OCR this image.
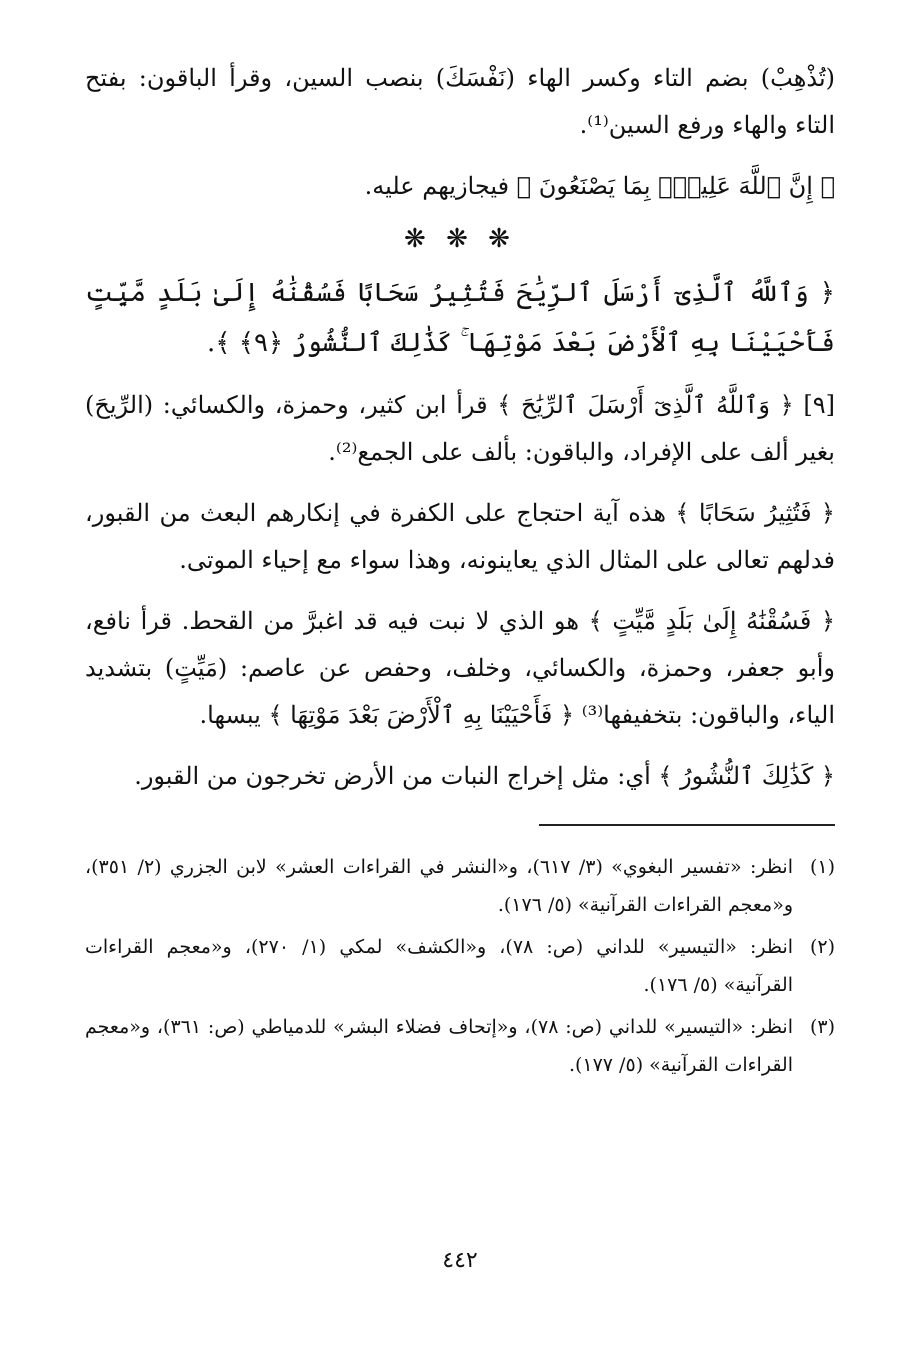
(تُذْهِبْ) بضم التاء وكسر الهاء (نَفْسَكَ) بنصب السين، وقرأ الباقون: بفتح التاء والهاء ورفع السين⁽¹⁾.

﴿ إِنَّ ٱللَّهَ عَلِيمٌۢ بِمَا يَصْنَعُونَ ﴾ فيجازيهم عليه.

❋ ❋ ❋

﴿ وَٱللَّهُ ٱلَّذِىٓ أَرْسَلَ ٱلرِّيَٰحَ فَتُثِيرُ سَحَابًا فَسُقْنَٰهُ إِلَىٰ بَلَدٍ مَّيِّتٍ فَأَحْيَيْنَا بِهِ ٱلْأَرْضَ بَعْدَ مَوْتِهَا ۚ كَذَٰلِكَ ٱلنُّشُورُ ﴿٩﴾ ﴾.

[٩] ﴿ وَٱللَّهُ ٱلَّذِىٓ أَرْسَلَ ٱلرِّيَٰحَ ﴾ قرأ ابن كثير، وحمزة، والكسائي: (الرِّيحَ) بغير ألف على الإفراد، والباقون: بألف على الجمع⁽²⁾.

﴿ فَتُثِيرُ سَحَابًا ﴾ هذه آية احتجاج على الكفرة في إنكارهم البعث من القبور، فدلهم تعالى على المثال الذي يعاينونه، وهذا سواء مع إحياء الموتى.

﴿ فَسُقْنَٰهُ إِلَىٰ بَلَدٍ مَّيِّتٍ ﴾ هو الذي لا نبت فيه قد اغبرَّ من القحط. قرأ نافع، وأبو جعفر، وحمزة، والكسائي، وخلف، وحفص عن عاصم: (مَيِّتٍ) بتشديد الياء، والباقون: بتخفيفها⁽³⁾ ﴿ فَأَحْيَيْنَا بِهِ ٱلْأَرْضَ بَعْدَ مَوْتِهَا ﴾ يبسها.

﴿ كَذَٰلِكَ ٱلنُّشُورُ ﴾ أي: مثل إخراج النبات من الأرض تخرجون من القبور.

(١)
انظر: «تفسير البغوي» (٣/ ٦١٧)، و«النشر في القراءات العشر» لابن الجزري (٢/ ٣٥١)، و«معجم القراءات القرآنية» (٥/ ١٧٦).
(٢)
انظر: «التيسير» للداني (ص: ٧٨)، و«الكشف» لمكي (١/ ٢٧٠)، و«معجم القراءات القرآنية» (٥/ ١٧٦).
(٣)
انظر: «التيسير» للداني (ص: ٧٨)، و«إتحاف فضلاء البشر» للدمياطي (ص: ٣٦١)، و«معجم القراءات القرآنية» (٥/ ١٧٧).
٤٤٢
